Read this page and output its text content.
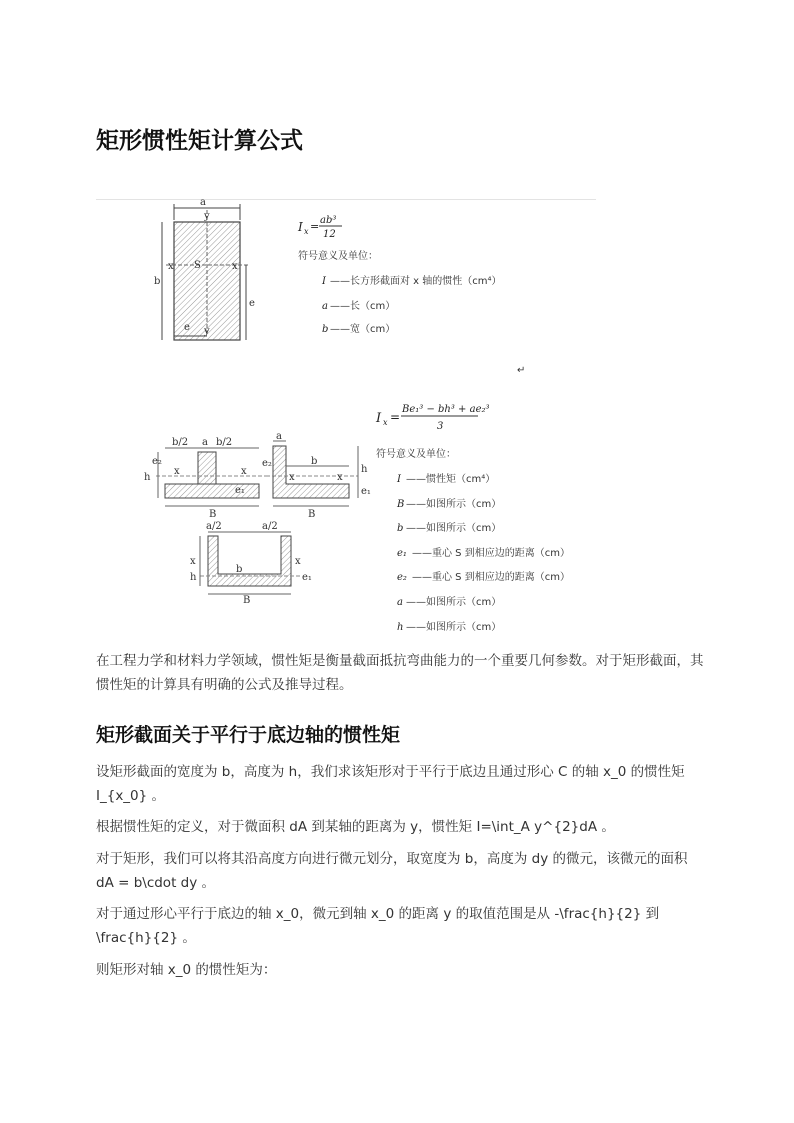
矩形惯性矩计算公式
a
y
b
x	x
S
e
e y
I x = ab³
12
符号意义及单位：
I ——长方形截面对 x 轴的惯性（cm⁴）
a ——长（cm）
b ——宽（cm）
↵
b/2 a b/2
x	x
h
e₂
e₁
B
a
b
x	x
h
e₂
e₁
B
a/2	a/2
x	x
h	e₁
b
B
I x =
Be₁³ − bh³ + ae₂³
3
符号意义及单位：
I ——惯性矩（cm⁴）
B ——如图所示（cm）
b ——如图所示（cm）
e₁ ——重心 S 到相应边的距离（cm）
e₂ ——重心 S 到相应边的距离（cm）
a ——如图所示（cm）
h ——如图所示（cm）

在工程力学和材料力学领域，惯性矩是衡量截面抵抗弯曲能力的一个重要几何参数。对于矩形截面，其惯性矩的计算具有明确的公式及推导过程。

矩形截面关于平行于底边轴的惯性矩

设矩形截面的宽度为 b，高度为 h，我们求该矩形对于平行于底边且通过形心 C 的轴 x_0 的惯性矩 I_{x_0} 。

根据惯性矩的定义，对于微面积 dA 到某轴的距离为 y，惯性矩 I=\int_A y^{2}dA 。

对于矩形，我们可以将其沿高度方向进行微元划分，取宽度为 b，高度为 dy 的微元，该微元的面积 dA = b\cdot dy 。

对于通过形心平行于底边的轴 x_0，微元到轴 x_0 的距离 y 的取值范围是从 -\frac{h}{2} 到 \frac{h}{2} 。

则矩形对轴 x_0 的惯性矩为：
